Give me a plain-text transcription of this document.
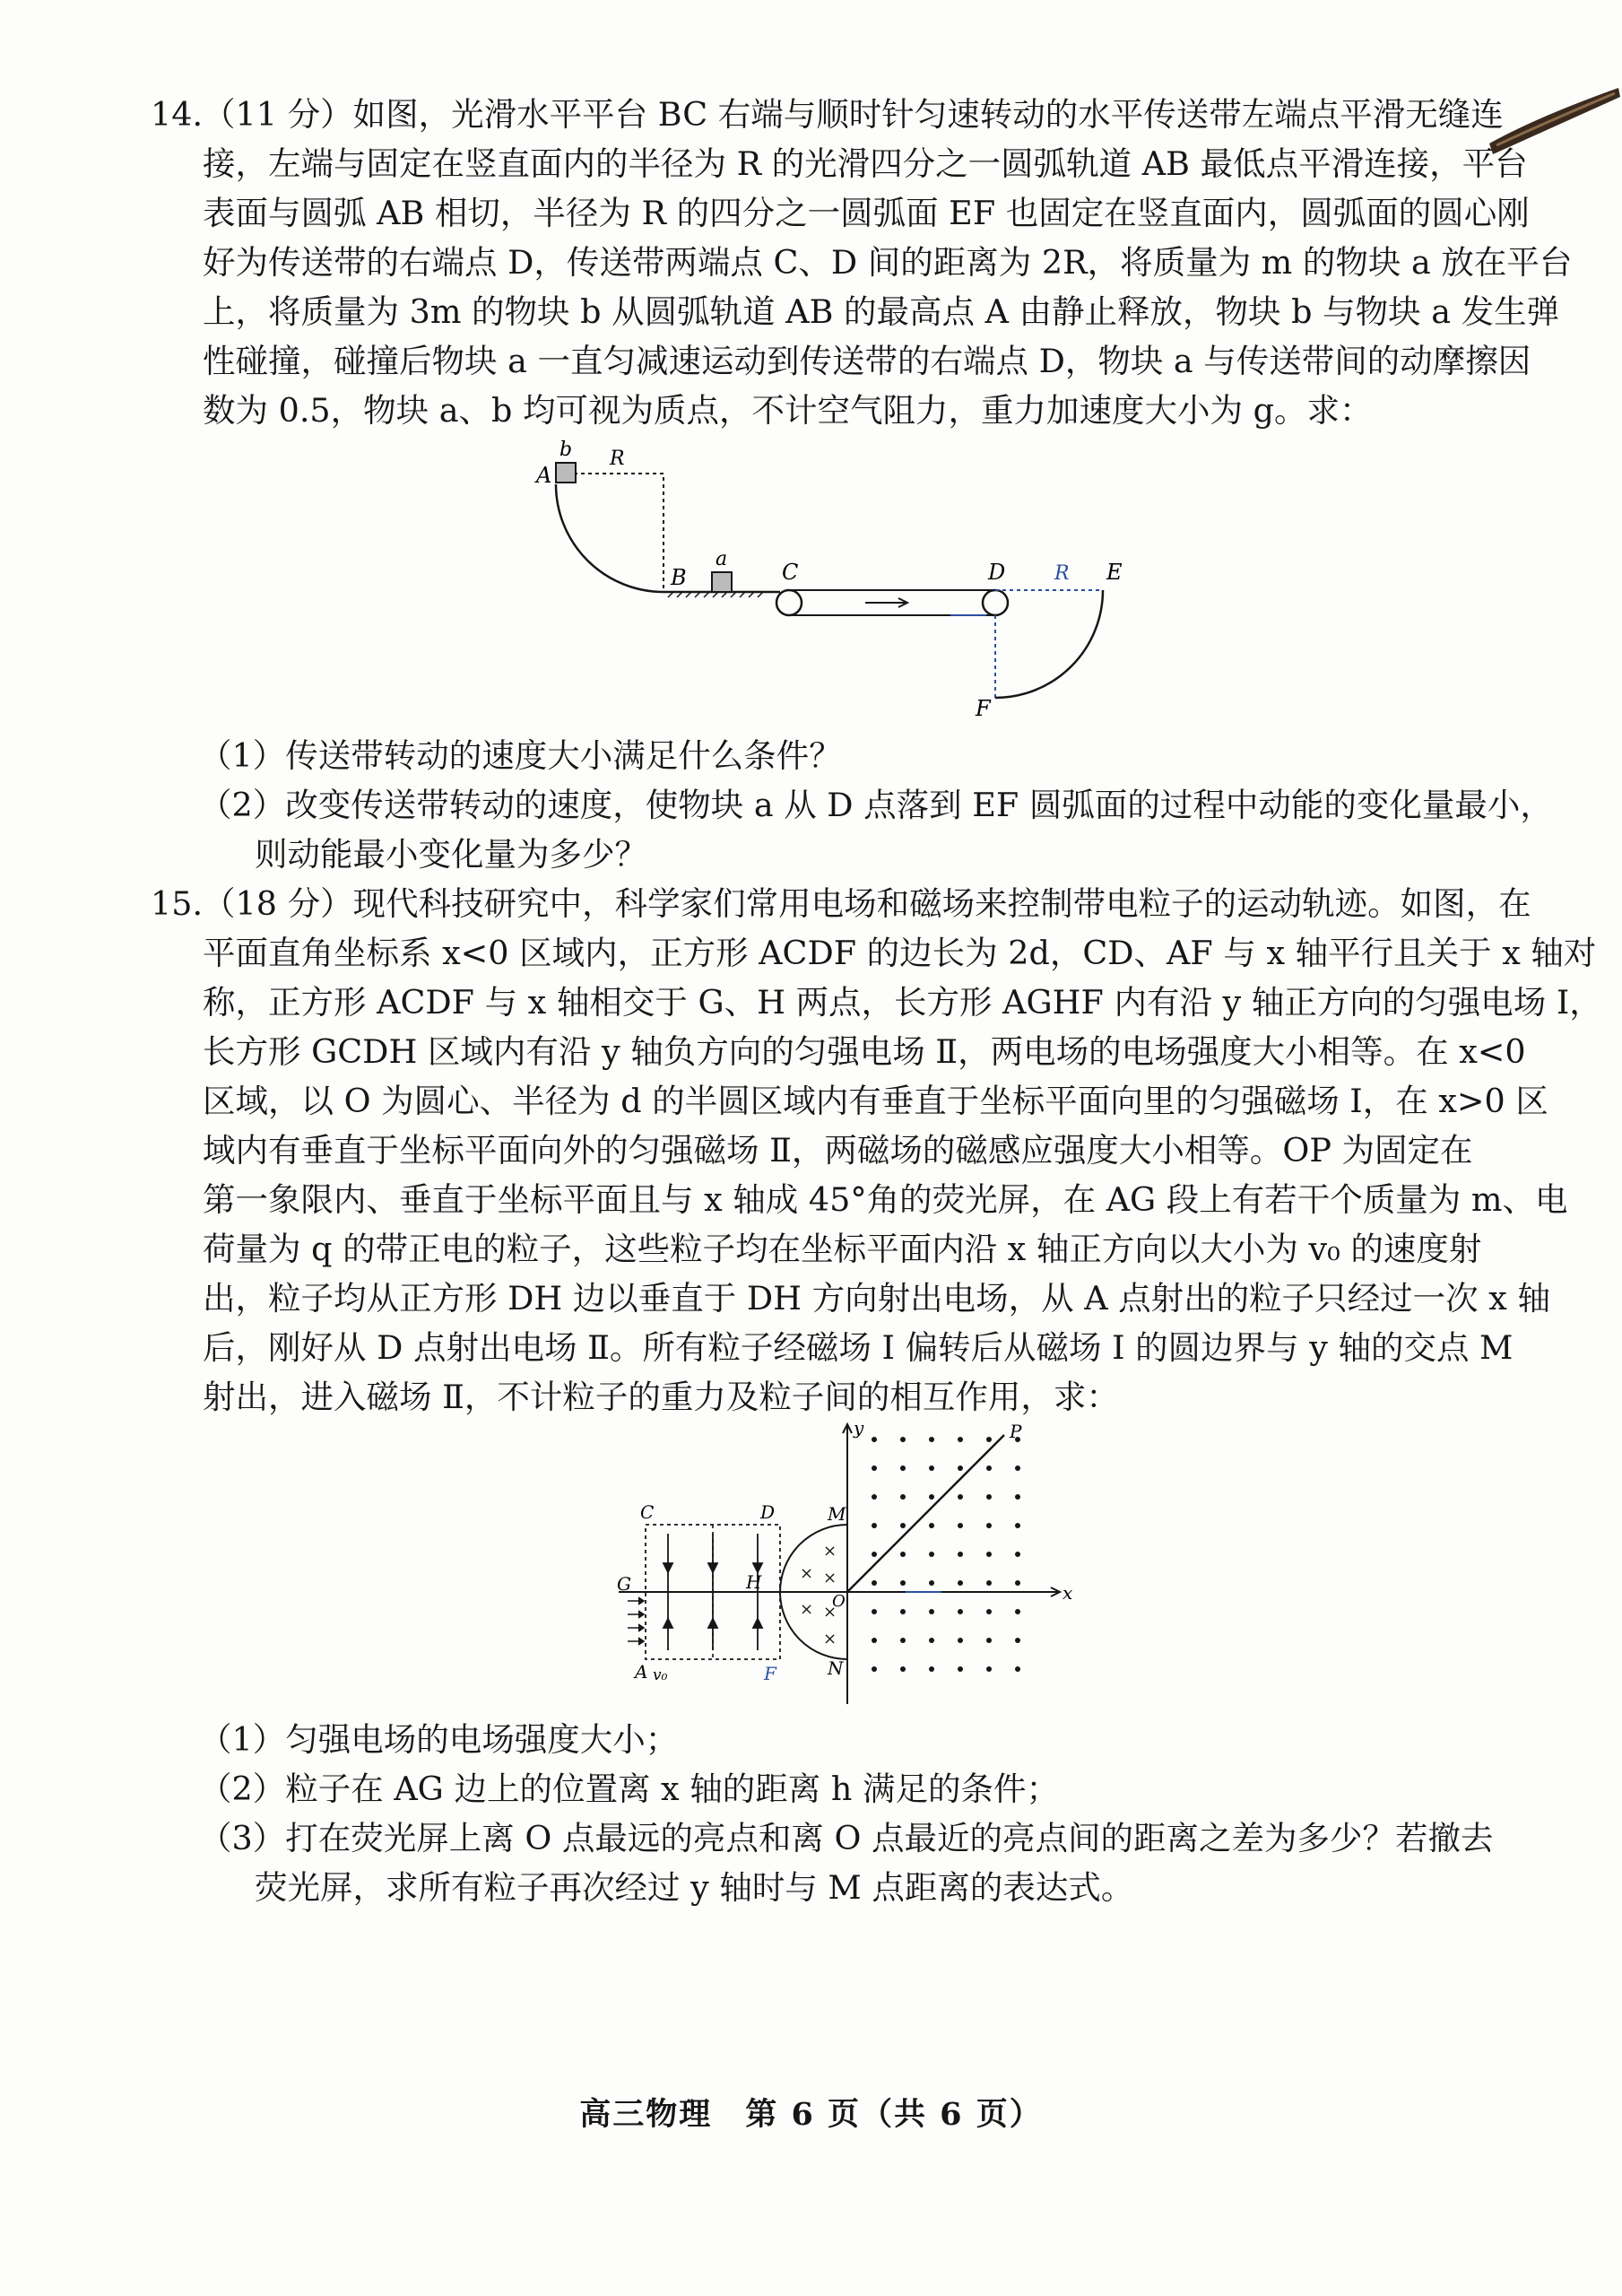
14.（11 分）如图，光滑水平平台 BC 右端与顺时针匀速转动的水平传送带左端点平滑无缝连
接，左端与固定在竖直面内的半径为 R 的光滑四分之一圆弧轨道 AB 最低点平滑连接，平台
表面与圆弧 AB 相切，半径为 R 的四分之一圆弧面 EF 也固定在竖直面内，圆弧面的圆心刚
好为传送带的右端点 D，传送带两端点 C、D 间的距离为 2R，将质量为 m 的物块 a 放在平台
上，将质量为 3m 的物块 b 从圆弧轨道 AB 的最高点 A 由静止释放，物块 b 与物块 a 发生弹
性碰撞，碰撞后物块 a 一直匀减速运动到传送带的右端点 D，物块 a 与传送带间的动摩擦因
数为 0.5，物块 a、b 均可视为质点，不计空气阻力，重力加速度大小为 g。求：
A
b R
B
a
C	D R E
F
（1）传送带转动的速度大小满足什么条件？
（2）改变传送带转动的速度，使物块 a 从 D 点落到 EF 圆弧面的过程中动能的变化量最小，
则动能最小变化量为多少？
15.（18 分）现代科技研究中，科学家们常用电场和磁场来控制带电粒子的运动轨迹。如图，在
平面直角坐标系 x<0 区域内，正方形 ACDF 的边长为 2d，CD、AF 与 x 轴平行且关于 x 轴对
称，正方形 ACDF 与 x 轴相交于 G、H 两点，长方形 AGHF 内有沿 y 轴正方向的匀强电场 Ⅰ，
长方形 GCDH 区域内有沿 y 轴负方向的匀强电场 Ⅱ，两电场的电场强度大小相等。在 x<0
区域，以 O 为圆心、半径为 d 的半圆区域内有垂直于坐标平面向里的匀强磁场 Ⅰ，在 x>0 区
域内有垂直于坐标平面向外的匀强磁场 Ⅱ，两磁场的磁感应强度大小相等。OP 为固定在
第一象限内、垂直于坐标平面且与 x 轴成 45°角的荧光屏，在 AG 段上有若干个质量为 m、电
荷量为 q 的带正电的粒子，这些粒子均在坐标平面内沿 x 轴正方向以大小为 v₀ 的速度射
出，粒子均从正方形 DH 边以垂直于 DH 方向射出电场，从 A 点射出的粒子只经过一次 x 轴
后，刚好从 D 点射出电场 Ⅱ。所有粒子经磁场 Ⅰ 偏转后从磁场 Ⅰ 的圆边界与 y 轴的交点 M
射出，进入磁场 Ⅱ，不计粒子的重力及粒子间的相互作用，求：
×
×
×
×
×
×
y	P
C	D	M
x
G	H
O
A v₀	F	N
（1）匀强电场的电场强度大小；
（2）粒子在 AG 边上的位置离 x 轴的距离 h 满足的条件；
（3）打在荧光屏上离 O 点最远的亮点和离 O 点最近的亮点间的距离之差为多少？若撤去
荧光屏，求所有粒子再次经过 y 轴时与 M 点距离的表达式。
高三物理　第 6 页（共 6 页）
